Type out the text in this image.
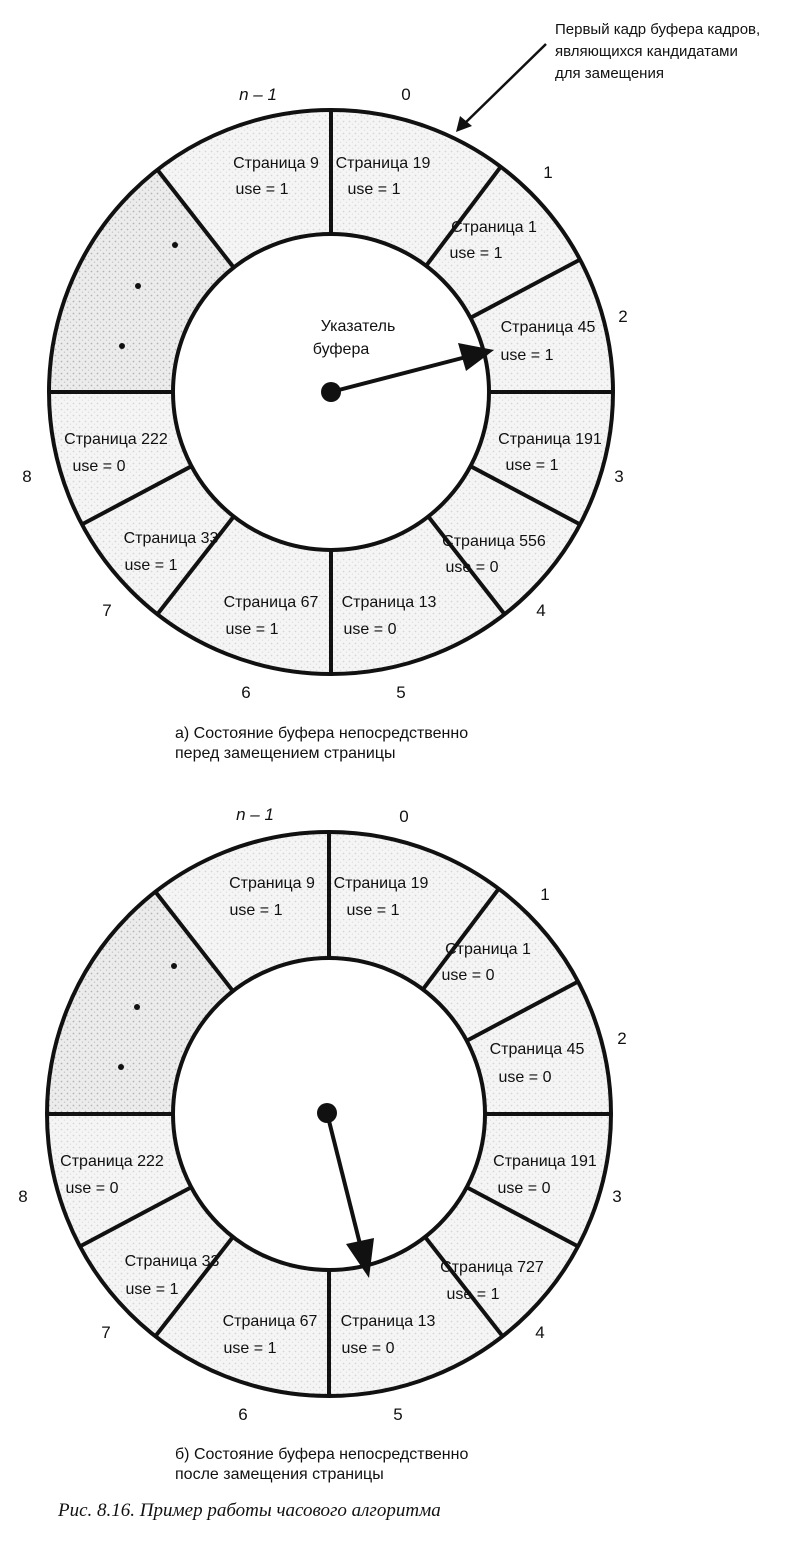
Страница 19
use = 1
Страница 1
use = 1
Страница 45
use = 1
Страница 191
use = 1
Страница 556
use = 0
Страница 13
use = 0
Страница 67
use = 1
Страница 33
use = 1
Страница 222
use = 0
Страница 9
use = 1
n – 1	0
1
2
3
4
5
6
7
8
Указатель
буфера
Первый кадр буфера кадров,
являющихся кандидатами
для замещения
Страница 19
use = 1
Страница 1
use = 0
Страница 45
use = 0
Страница 191
use = 0
Страница 727
use = 1
Страница 13
use = 0
Страница 67
use = 1
Страница 33
use = 1
Страница 222
use = 0
Страница 9
use = 1
n – 1	0
1
2
3
4
5
6
7
8
а) Состояние буфера непосредственно
перед замещением страницы
б) Состояние буфера непосредственно
после замещения страницы
Рис. 8.16. Пример работы часового алгоритма
